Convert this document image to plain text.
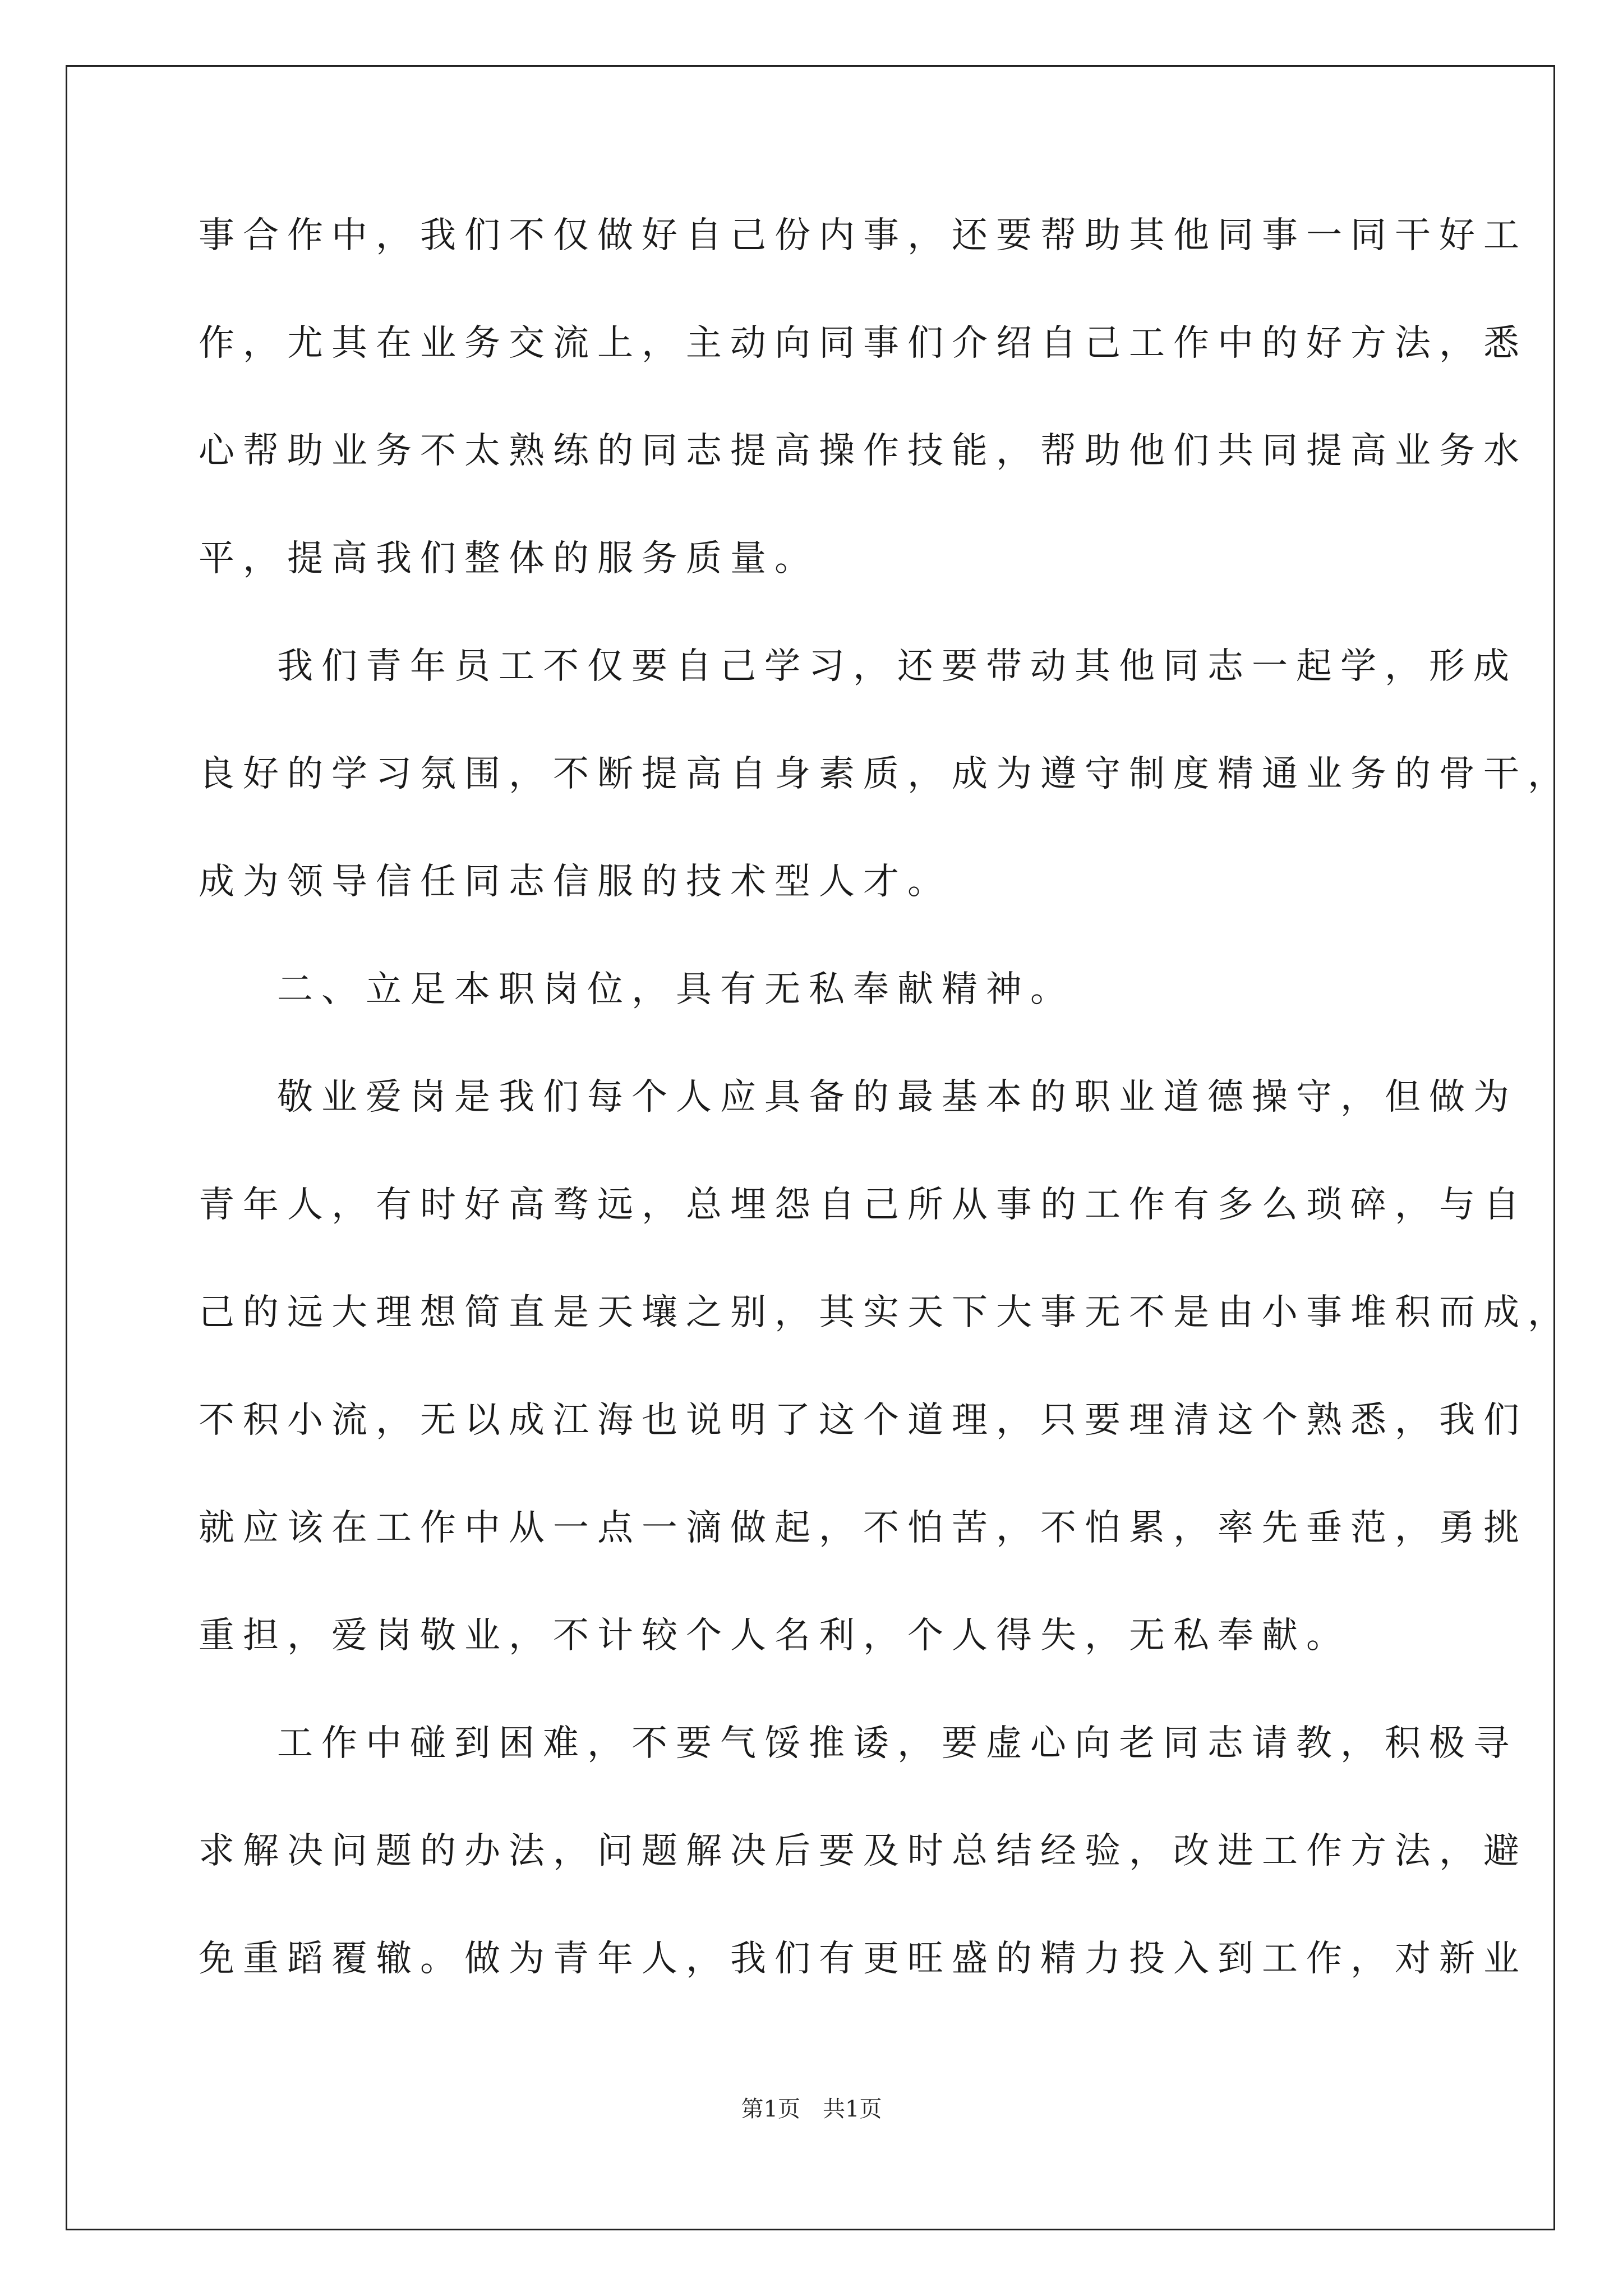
事合作中，我们不仅做好自己份内事，还要帮助其他同事一同干好工
作，尤其在业务交流上，主动向同事们介绍自己工作中的好方法，悉
心帮助业务不太熟练的同志提高操作技能，帮助他们共同提高业务水
平，提高我们整体的服务质量。
我们青年员工不仅要自己学习，还要带动其他同志一起学，形成
良好的学习氛围，不断提高自身素质，成为遵守制度精通业务的骨干，
成为领导信任同志信服的技术型人才。
二、立足本职岗位，具有无私奉献精神。
敬业爱岗是我们每个人应具备的最基本的职业道德操守，但做为
青年人，有时好高骛远，总埋怨自己所从事的工作有多么琐碎，与自
己的远大理想简直是天壤之别，其实天下大事无不是由小事堆积而成，
不积小流，无以成江海也说明了这个道理，只要理清这个熟悉，我们
就应该在工作中从一点一滴做起，不怕苦，不怕累，率先垂范，勇挑
重担，爱岗敬业，不计较个人名利，个人得失，无私奉献。
工作中碰到困难，不要气馁推诿，要虚心向老同志请教，积极寻
求解决问题的办法，问题解决后要及时总结经验，改进工作方法，避
免重蹈覆辙。做为青年人，我们有更旺盛的精力投入到工作，对新业
第1页　共1页
